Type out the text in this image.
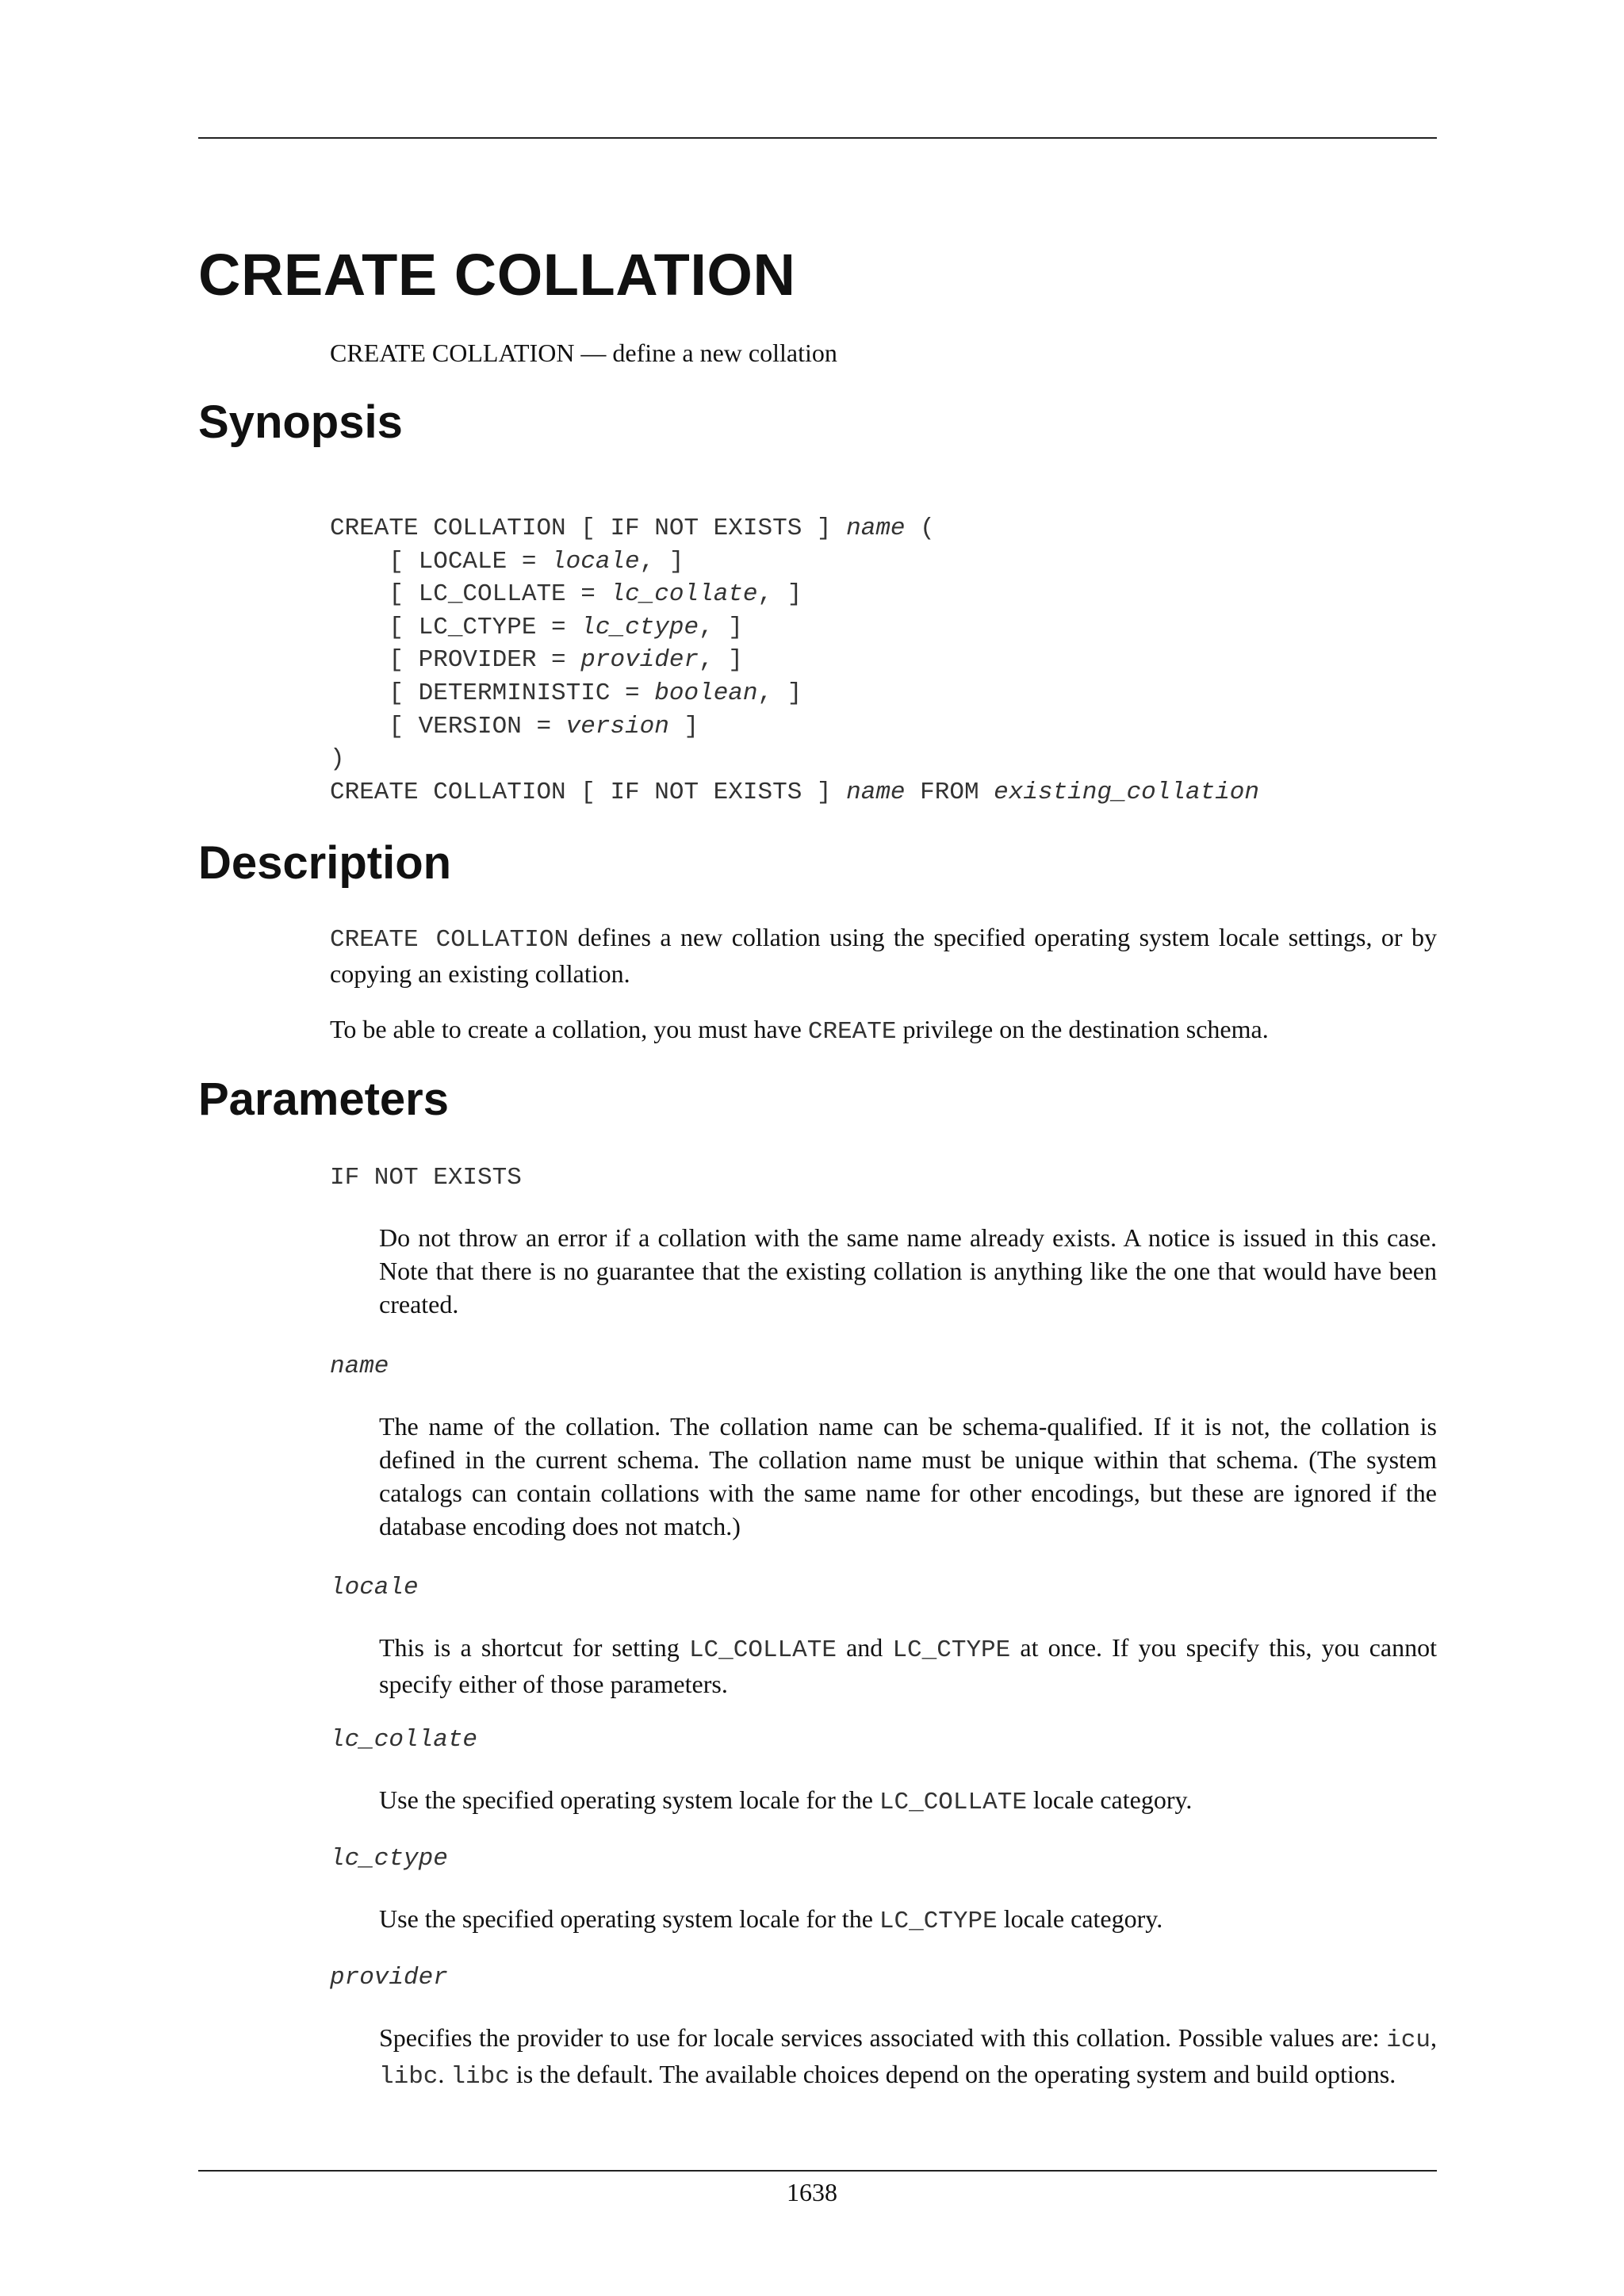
CREATE COLLATION
CREATE COLLATION — define a new collation
Synopsis
CREATE COLLATION [ IF NOT EXISTS ] name (
[ LOCALE = locale, ]
[ LC_COLLATE = lc_collate, ]
[ LC_CTYPE = lc_ctype, ]
[ PROVIDER = provider, ]
[ DETERMINISTIC = boolean, ]
[ VERSION = version ]
)
CREATE COLLATION [ IF NOT EXISTS ] name FROM existing_collation
Description
CREATE COLLATION defines a new collation using the specified operating system locale settings, or by copying an existing collation.
To be able to create a collation, you must have CREATE privilege on the destination schema.
Parameters
IF NOT EXISTS
Do not throw an error if a collation with the same name already exists. A notice is issued in this case. Note that there is no guarantee that the existing collation is anything like the one that would have been created.
name
The name of the collation. The collation name can be schema-qualified. If it is not, the collation is defined in the current schema. The collation name must be unique within that schema. (The system catalogs can contain collations with the same name for other encodings, but these are ignored if the database encoding does not match.)
locale
This is a shortcut for setting LC_COLLATE and LC_CTYPE at once. If you specify this, you cannot specify either of those parameters.
lc_collate
Use the specified operating system locale for the LC_COLLATE locale category.
lc_ctype
Use the specified operating system locale for the LC_CTYPE locale category.
provider
Specifies the provider to use for locale services associated with this collation. Possible values are: icu, libc. libc is the default. The available choices depend on the operating system and build options.
1638
